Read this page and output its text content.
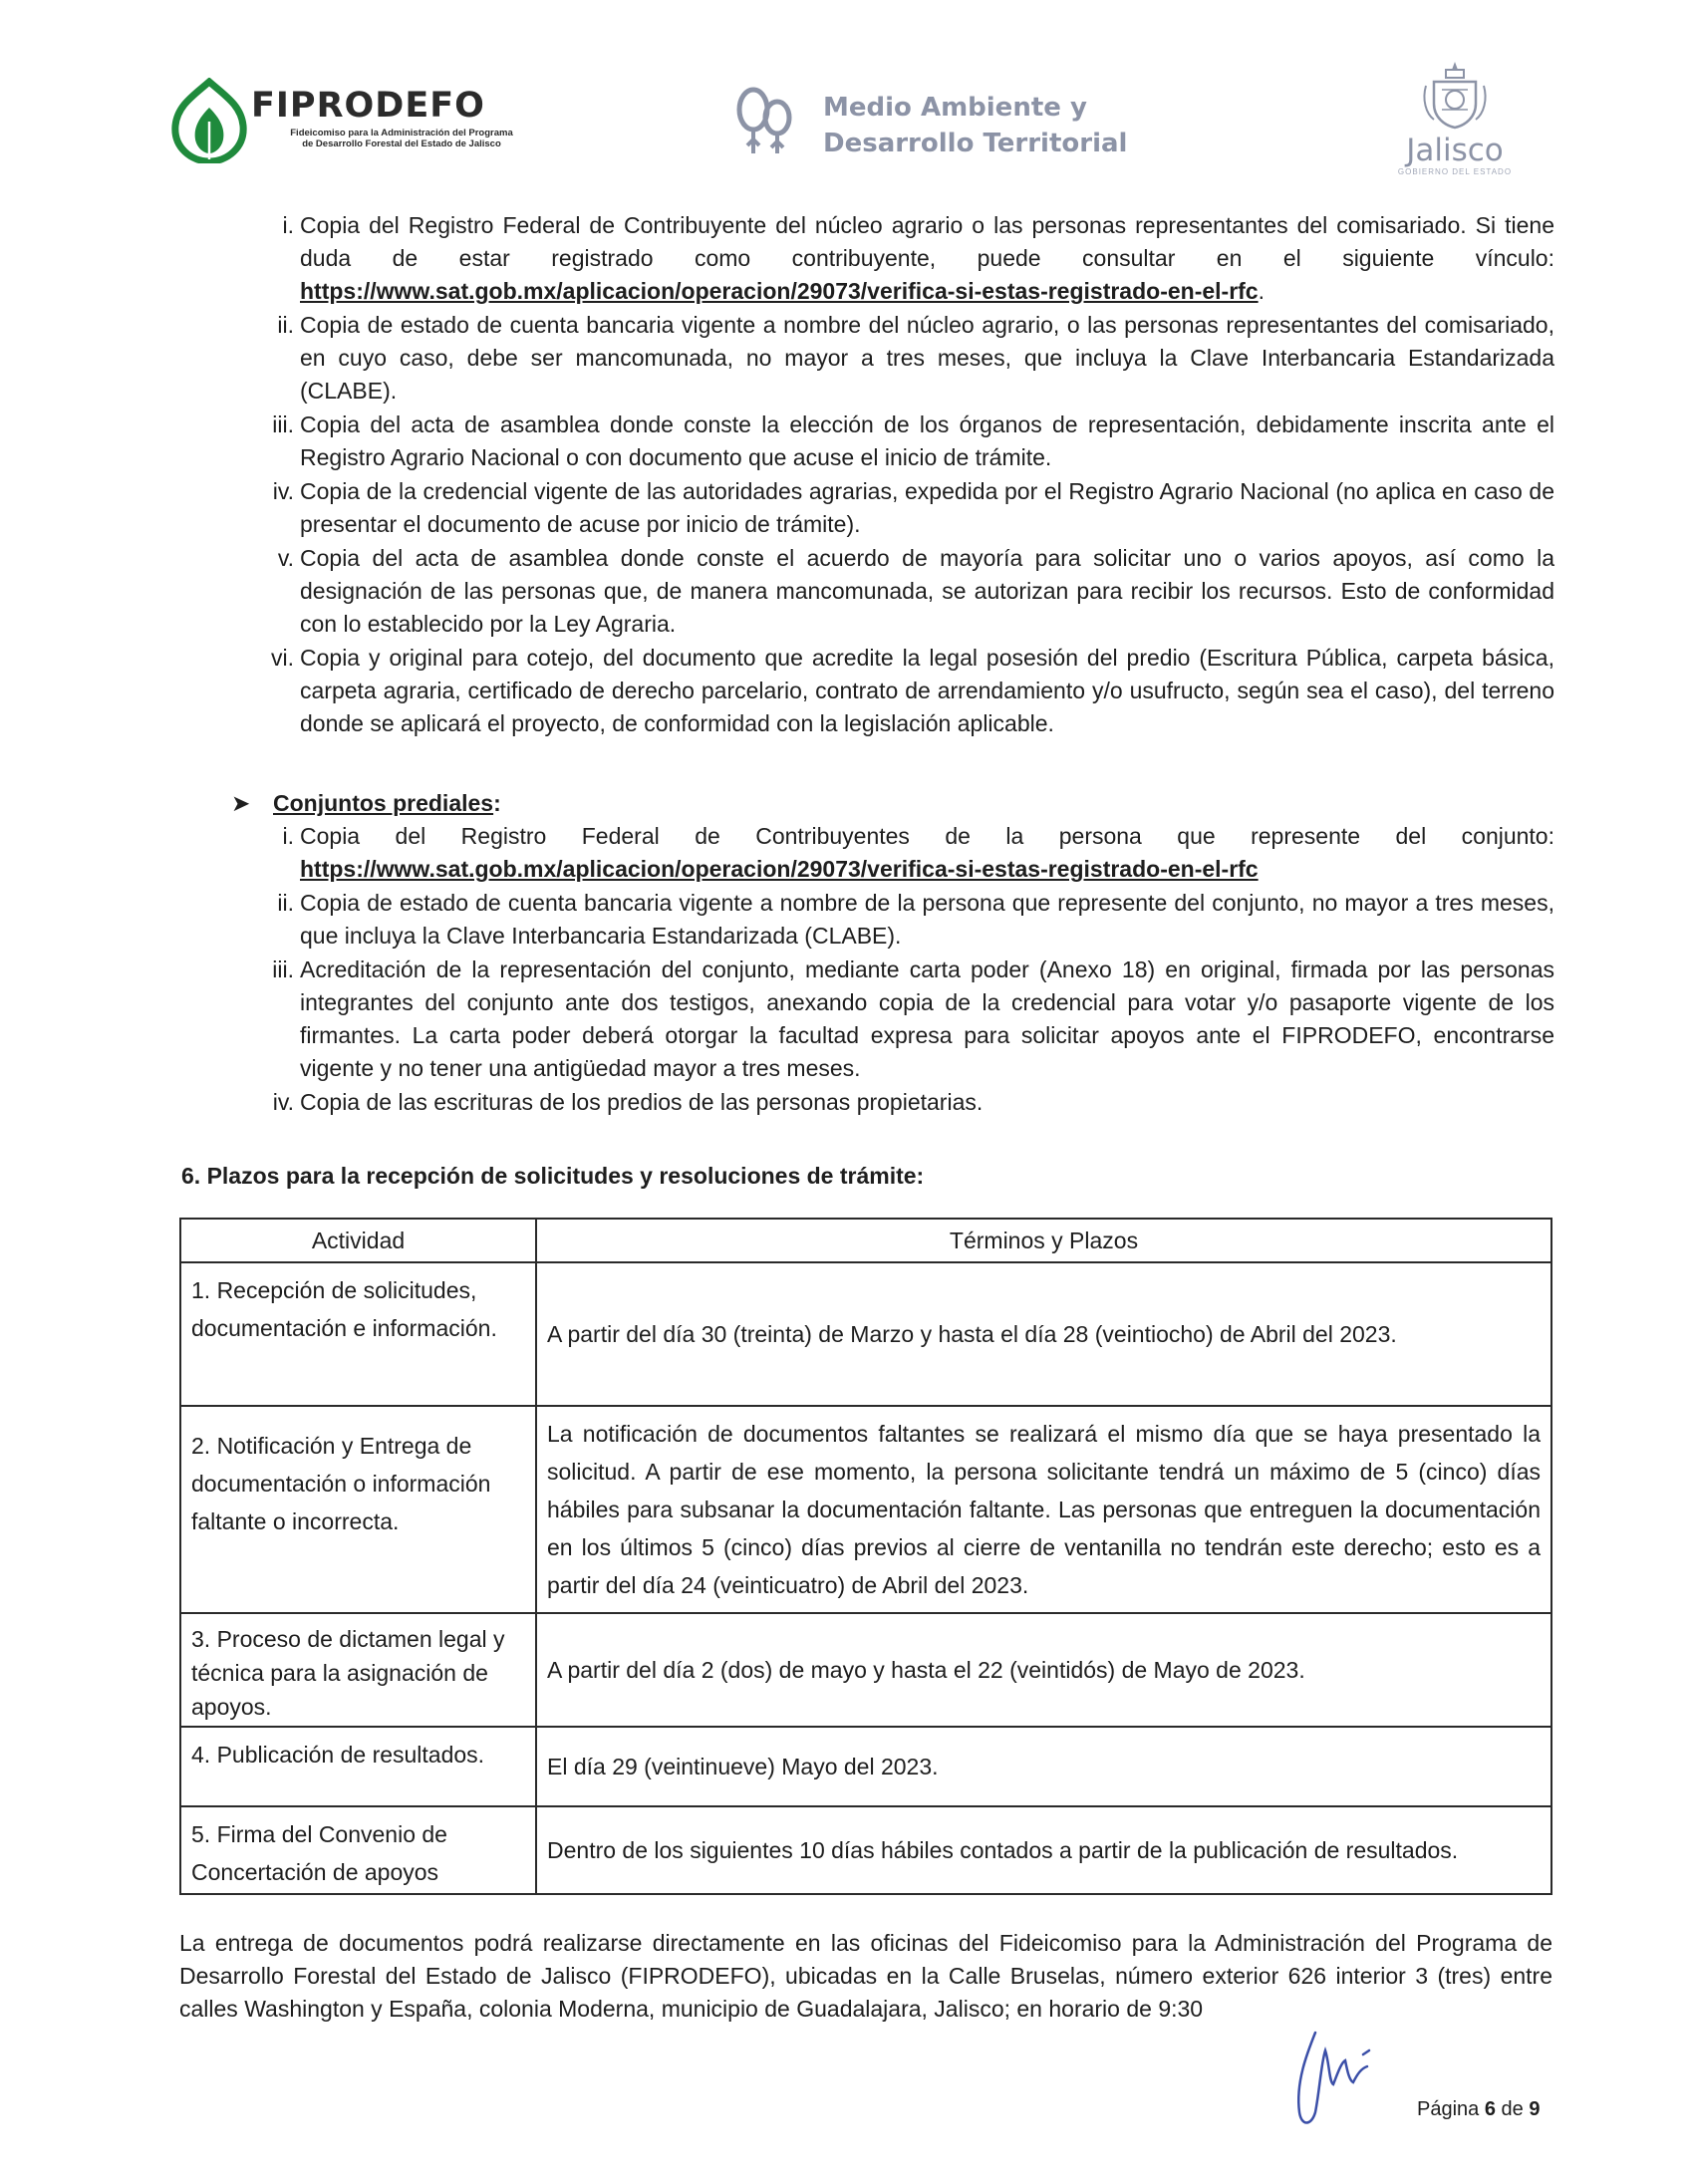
FIPRODEFO
Fideicomiso para la Administración del Programa
de Desarrollo Forestal del Estado de Jalisco
Medio Ambiente y
Desarrollo Territorial	Jalisco
GOBIERNO DEL ESTADO
i. Copia del Registro Federal de Contribuyente del núcleo agrario o las personas representantes del comisariado. Si tiene duda de estar registrado como contribuyente, puede consultar en el siguiente vínculo: https://www.sat.gob.mx/aplicacion/operacion/29073/verifica-si-estas-registrado-en-el-rfc.
ii. Copia de estado de cuenta bancaria vigente a nombre del núcleo agrario, o las personas representantes del comisariado, en cuyo caso, debe ser mancomunada, no mayor a tres meses, que incluya la Clave Interbancaria Estandarizada (CLABE).
iii. Copia del acta de asamblea donde conste la elección de los órganos de representación, debidamente inscrita ante el Registro Agrario Nacional o con documento que acuse el inicio de trámite.
iv. Copia de la credencial vigente de las autoridades agrarias, expedida por el Registro Agrario Nacional (no aplica en caso de presentar el documento de acuse por inicio de trámite).
v. Copia del acta de asamblea donde conste el acuerdo de mayoría para solicitar uno o varios apoyos, así como la designación de las personas que, de manera mancomunada, se autorizan para recibir los recursos. Esto de conformidad con lo establecido por la Ley Agraria.
vi. Copia y original para cotejo, del documento que acredite la legal posesión del predio (Escritura Pública, carpeta básica, carpeta agraria, certificado de derecho parcelario, contrato de arrendamiento y/o usufructo, según sea el caso), del terreno donde se aplicará el proyecto, de conformidad con la legislación aplicable.
➤ Conjuntos prediales:
i. Copia del Registro Federal de Contribuyentes de la persona que represente del conjunto: https://www.sat.gob.mx/aplicacion/operacion/29073/verifica-si-estas-registrado-en-el-rfc
ii. Copia de estado de cuenta bancaria vigente a nombre de la persona que represente del conjunto, no mayor a tres meses, que incluya la Clave Interbancaria Estandarizada (CLABE).
iii. Acreditación de la representación del conjunto, mediante carta poder (Anexo 18) en original, firmada por las personas integrantes del conjunto ante dos testigos, anexando copia de la credencial para votar y/o pasaporte vigente de los firmantes. La carta poder deberá otorgar la facultad expresa para solicitar apoyos ante el FIPRODEFO, encontrarse vigente y no tener una antigüedad mayor a tres meses.
iv. Copia de las escrituras de los predios de las personas propietarias.
6. Plazos para la recepción de solicitudes y resoluciones de trámite:
Actividad	Términos y Plazos
1. Recepción de solicitudes, documentación e información.	A partir del día 30 (treinta) de Marzo y hasta el día 28 (veintiocho) de Abril del 2023.
2. Notificación y Entrega de documentación o información faltante o incorrecta.	La notificación de documentos faltantes se realizará el mismo día que se haya presentado la solicitud. A partir de ese momento, la persona solicitante tendrá un máximo de 5 (cinco) días hábiles para subsanar la documentación faltante. Las personas que entreguen la documentación en los últimos 5 (cinco) días previos al cierre de ventanilla no tendrán este derecho; esto es a partir del día 24 (veinticuatro) de Abril del 2023.
3. Proceso de dictamen legal y técnica para la asignación de apoyos.	A partir del día 2 (dos) de mayo y hasta el 22 (veintidós) de Mayo de 2023.
4. Publicación de resultados.	El día 29 (veintinueve) Mayo del 2023.
5. Firma del Convenio de Concertación de apoyos	Dentro de los siguientes 10 días hábiles contados a partir de la publicación de resultados.
La entrega de documentos podrá realizarse directamente en las oficinas del Fideicomiso para la Administración del Programa de Desarrollo Forestal del Estado de Jalisco (FIPRODEFO), ubicadas en la Calle Bruselas, número exterior 626 interior 3 (tres) entre calles Washington y España, colonia Moderna, municipio de Guadalajara, Jalisco; en horario de 9:30
Página 6 de 9
